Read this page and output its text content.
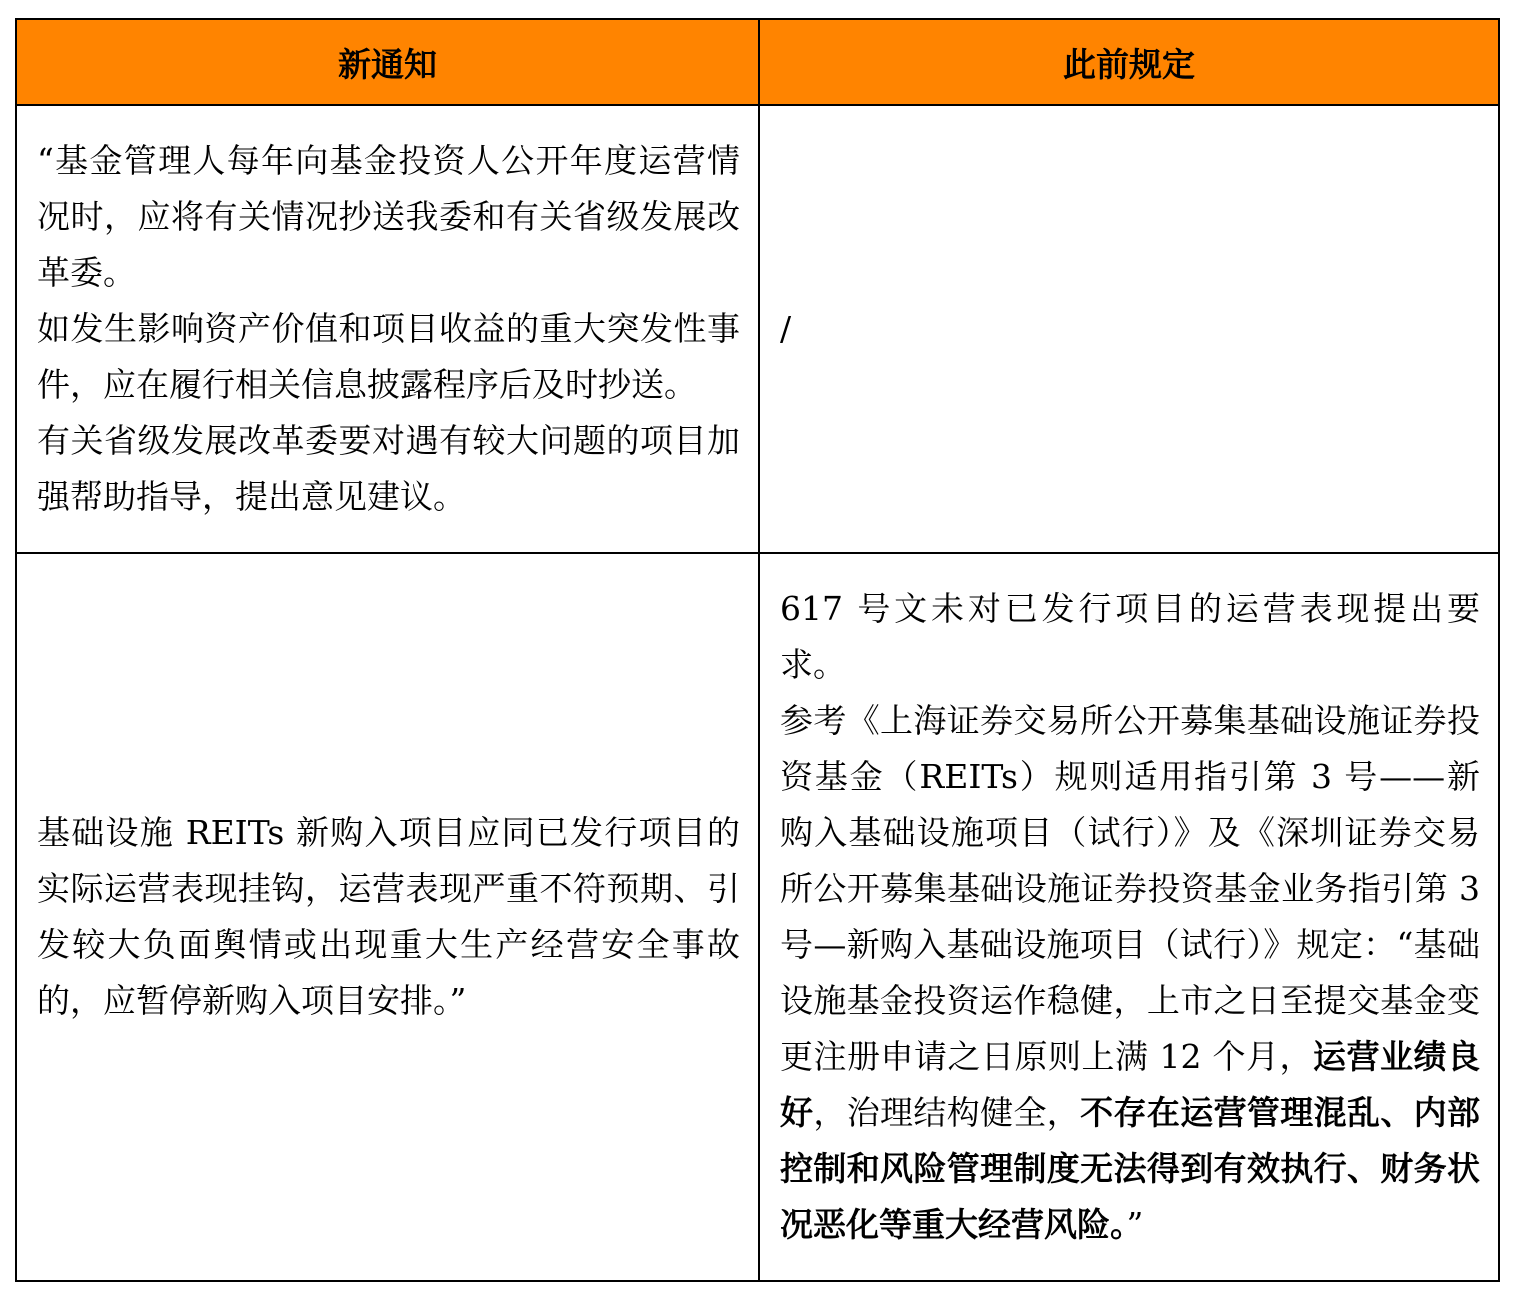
新通知	此前规定

“基金管理人每年向基金投资人公开年度运营情况时，应将有关情况抄送我委和有关省级发展改革委。

如发生影响资产价值和项目收益的重大突发性事件，应在履行相关信息披露程序后及时抄送。

有关省级发展改革委要对遇有较大问题的项目加强帮助指导，提出意见建议。	/

基础设施 REITs 新购入项目应同已发行项目的实际运营表现挂钩，运营表现严重不符预期、引发较大负面舆情或出现重大生产经营安全事故的，应暂停新购入项目安排。”	617 号文未对已发行项目的运营表现提出要求。

参考《上海证券交易所公开募集基础设施证券投资基金（REITs）规则适用指引第 3 号——新购入基础设施项目（试行）》及《深圳证券交易所公开募集基础设施证券投资基金业务指引第 3 号—新购入基础设施项目（试行）》规定：“基础设施基金投资运作稳健，上市之日至提交基金变更注册申请之日原则上满 12 个月，运营业绩良好，治理结构健全，不存在运营管理混乱、内部控制和风险管理制度无法得到有效执行、财务状况恶化等重大经营风险。”
